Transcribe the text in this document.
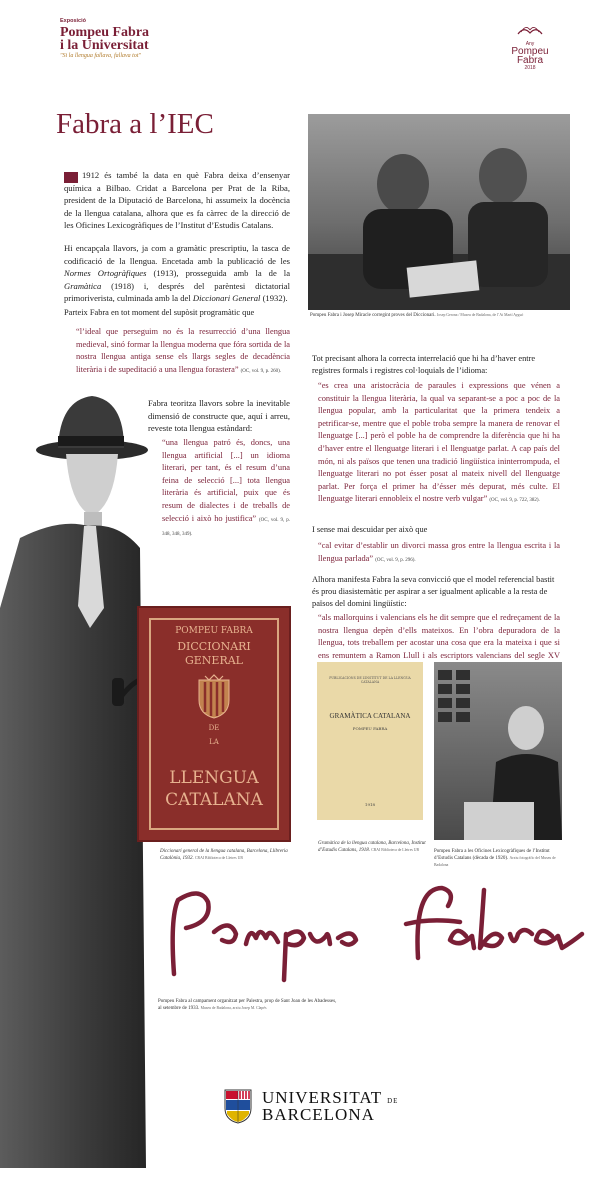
Exposició
Pompeu Fabra
i la Universitat
"Si la llengua fallava, fallava tot"
Any
Pompeu
Fabra
2018
Fabra a l’IEC
Pompeu Fabra i Josep Miracle corregint proves del Diccionari. Josep Gerona / Museu de Badalona, de l’Ai Martí Ayguó
1912 és també la data en què Fabra deixa d’ensenyar química a Bilbao. Cridat a Barcelona per Prat de la Riba, president de la Diputació de Barcelona, hi assumeix la docència de la llengua catalana, alhora que es fa càrrec de la direcció de les Oficines Lexicogràfiques de l’Institut d’Estudis Catalans.
Hi encapçala llavors, ja com a gramàtic prescriptiu, la tasca de codificació de la llengua. Encetada amb la publicació de les Normes Ortogràfiques (1913), prosseguida amb la de la Gramàtica (1918) i, després del parèntesi dictatorial primoriverista, culminada amb la del Diccionari General (1932).
Parteix Fabra en tot moment del supòsit programàtic que
“l’ideal que perseguim no és la resurrecció d’una llengua medieval, sinó formar la llengua moderna que fóra sortida de la nostra llengua antiga sense els llargs segles de decadència literària i de supeditació a una llengua forastera” (OC, vol. 9, p. 260).
Fabra teoritza llavors sobre la inevitable dimensió de constructe que, aquí i arreu, reveste tota llengua estàndard:
“una llengua patró és, doncs, una llengua artificial [...] un idioma literari, per tant, és el resum d’una feina de selecció [...] tota llengua literària és artificial, puix que és resum de dialectes i de treballs de selecció i això ho justifica” (OC, vol. 9, p. 348, 348, 349).
Tot precisant alhora la correcta interrelació que hi ha d’haver entre registres formals i registres col·loquials de l’idioma:
“es crea una aristocràcia de paraules i expressions que vénen a constituir la llengua literària, la qual va separant-se a poc a poc de la llengua popular, amb la particularitat que la primera tendeix a petrificar-se, mentre que el poble troba sempre la manera de renovar el llenguatge [...] però el poble ha de comprendre la diferència que hi ha d’haver entre el llenguatge literari i el llenguatge parlat. A cap país del món, ni als països que tenen una tradició lingüística ininterrompuda, el llenguatge literari no pot ésser posat al mateix nivell del llenguatge parlat. Per força el primer ha d’ésser més depurat, més culte. El llenguatge literari ennobleix el nostre verb vulgar” (OC, vol. 9, p. 722, 382).
I sense mai descuidar per això que
“cal evitar d’establir un divorci massa gros entre la llengua escrita i la llengua parlada” (OC, vol. 9, p. 296).
Alhora manifesta Fabra la seva convicció que el model referencial bastit és prou diasistemàtic per aspirar a ser igualment aplicable a la resta de països del domini lingüístic:
“als mallorquins i valencians els he dit sempre que el redreçament de la nostra llengua depèn d’ells mateixos. En l’obra depuradora de la llengua, tots treballem per acostar una cosa que era la mateixa i que si ens remuntem a Ramon Llull i als escriptors valencians del segle XV
POMPEU FABRA
DICCIONARI
GENERAL
DE
LA
LLENGUA
CATALANA
Diccionari general de la llengua catalana, Barcelona, Llibreria Catalònia, 1932. CRAI Biblioteca de Lletres UB
PUBLICACIONS DE L’INSTITUT DE LA LLENGUA CATALANA
GRAMÀTICA CATALANA
POMPEU FABRA
1918
Gramàtica de la llengua catalana, Barcelona, Institut d’Estudis Catalans, 1918. CRAI Biblioteca de Lletres UB	Pompeu Fabra a les Oficines Lexicogràfiques de l’Institut d’Estudis Catalans (dècada de 1920). Arxiu fotogràfic del Museu de Badalona
Pompeu Fabra al campament organitzat per Palestra, prop de Sant Joan de les Abadesses, al setembre de 1933. Museu de Badalona, arxiu Josep M. Clapés
UNIVERSITAT DE
BARCELONA
